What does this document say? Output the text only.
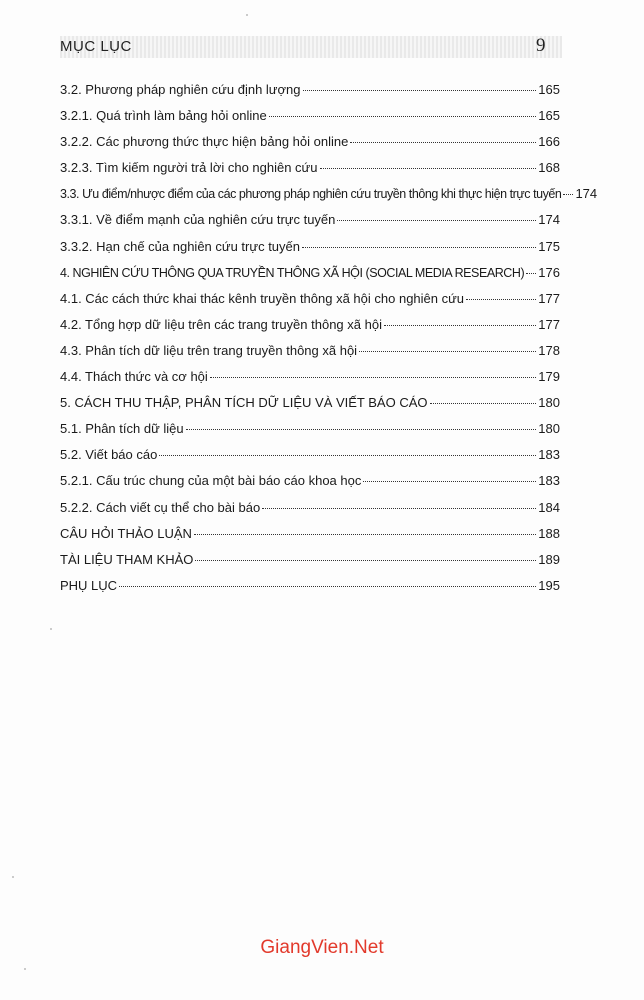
MỤC LỤC	9
3.2. Phương pháp nghiên cứu định lượng	165
3.2.1. Quá trình làm bảng hỏi online	165
3.2.2. Các phương thức thực hiện bảng hỏi online	166
3.2.3. Tìm kiếm người trả lời cho nghiên cứu	168
3.3. Ưu điểm/nhược điểm của các phương pháp nghiên cứu truyền thông khi thực hiện trực tuyến 174
3.3.1. Về điểm mạnh của nghiên cứu trực tuyến	174
3.3.2. Hạn chế của nghiên cứu trực tuyến	175
4. NGHIÊN CỨU THÔNG QUA TRUYỀN THÔNG XÃ HỘI (SOCIAL MEDIA RESEARCH) 176
4.1. Các cách thức khai thác kênh truyền thông xã hội cho nghiên cứu	177
4.2. Tổng hợp dữ liệu trên các trang truyền thông xã hội	177
4.3. Phân tích dữ liệu trên trang truyền thông xã hội	178
4.4. Thách thức và cơ hội	179
5. CÁCH THU THẬP, PHÂN TÍCH DỮ LIỆU VÀ VIẾT BÁO CÁO	180
5.1. Phân tích dữ liệu	180
5.2. Viết báo cáo	183
5.2.1. Cấu trúc chung của một bài báo cáo khoa học	183
5.2.2. Cách viết cụ thể cho bài báo	184
CÂU HỎI THẢO LUẬN	188
TÀI LIỆU THAM KHẢO	189
PHỤ LỤC	195
GiangVien.Net
